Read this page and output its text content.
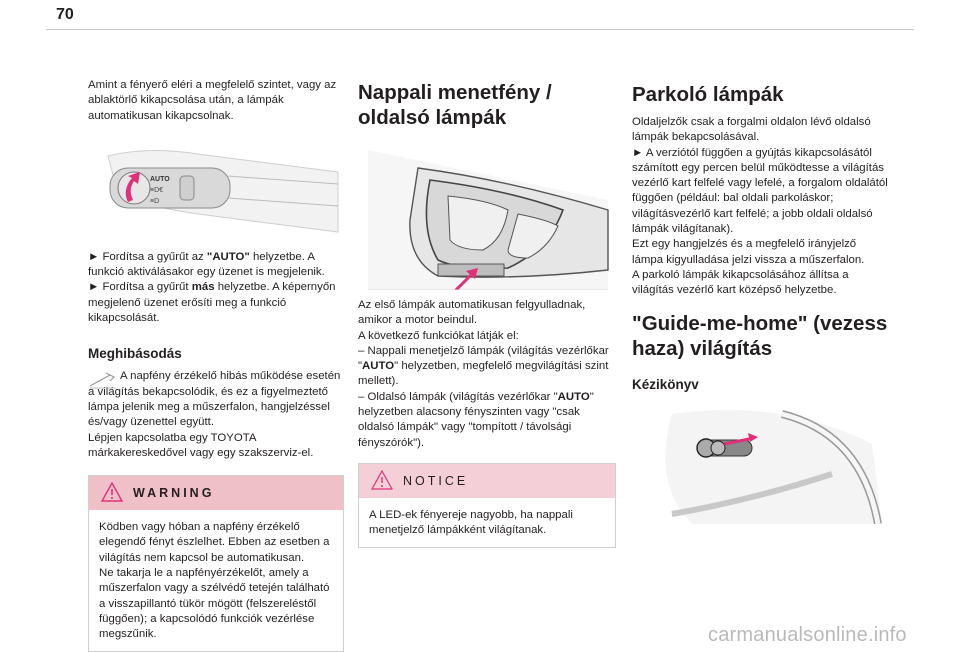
70

Amint a fényerő eléri a megfelelő szintet, vagy az ablaktörlő kikapcsolása után, a lámpák automatikusan kikapcsolnak.

AUTO
≡D€
≡D

► Fordítsa a gyűrűt az "AUTO" helyzetbe. A funkció aktiválásakor egy üzenet is megjelenik.

► Fordítsa a gyűrűt más helyzetbe. A képernyőn megjelenő üzenet erősíti meg a funkció kikapcsolását.

Meghibásodás

A napfény érzékelő hibás működése esetén a világítás bekapcsolódik, és ez a figyelmeztető lámpa jelenik meg a műszerfalon, hangjelzéssel és/vagy üzenettel együtt.

Lépjen kapcsolatba egy TOYOTA márkakereskedővel vagy egy szakszerviz-el.

WARNING

Ködben vagy hóban a napfény érzékelő elegendő fényt észlelhet. Ebben az esetben a világítás nem kapcsol be automatikusan.

Ne takarja le a napfényérzékelőt, amely a műszerfalon vagy a szélvédő tetején található a visszapillantó tükör mögött (felszereléstől függően); a kapcsolódó funkciók vezérlése megszűnik.

Nappali menetfény / oldalsó lámpák

Az első lámpák automatikusan felgyulladnak, amikor a motor beindul.

A következő funkciókat látják el:

– Nappali menetjelző lámpák (világítás vezérlőkar "AUTO" helyzetben, megfelelő megvilágítási szint mellett).

– Oldalsó lámpák (világítás vezérlőkar "AUTO" helyzetben alacsony fényszinten vagy "csak oldalsó lámpák" vagy "tompított / távolsági fényszórók").

NOTICE

A LED-ek fényereje nagyobb, ha nappali menetjelző lámpákként világítanak.

Parkoló lámpák

Oldaljelzők csak a forgalmi oldalon lévő oldalsó lámpák bekapcsolásával.

► A verziótól függően a gyújtás kikapcsolásától számított egy percen belül működtesse a világítás vezérlő kart felfelé vagy lefelé, a forgalom oldalától függően (például: bal oldali parkoláskor; világításvezérlő kart felfelé; a jobb oldali oldalsó lámpák világítanak).

Ezt egy hangjelzés és a megfelelő irányjelző lámpa kigyulladása jelzi vissza a műszerfalon.

A parkoló lámpák kikapcsolásához állítsa a világítás vezérlő kart középső helyzetbe.

"Guide-me-home" (vezess haza) világítás
Kézikönyv
carmanualsonline.info
